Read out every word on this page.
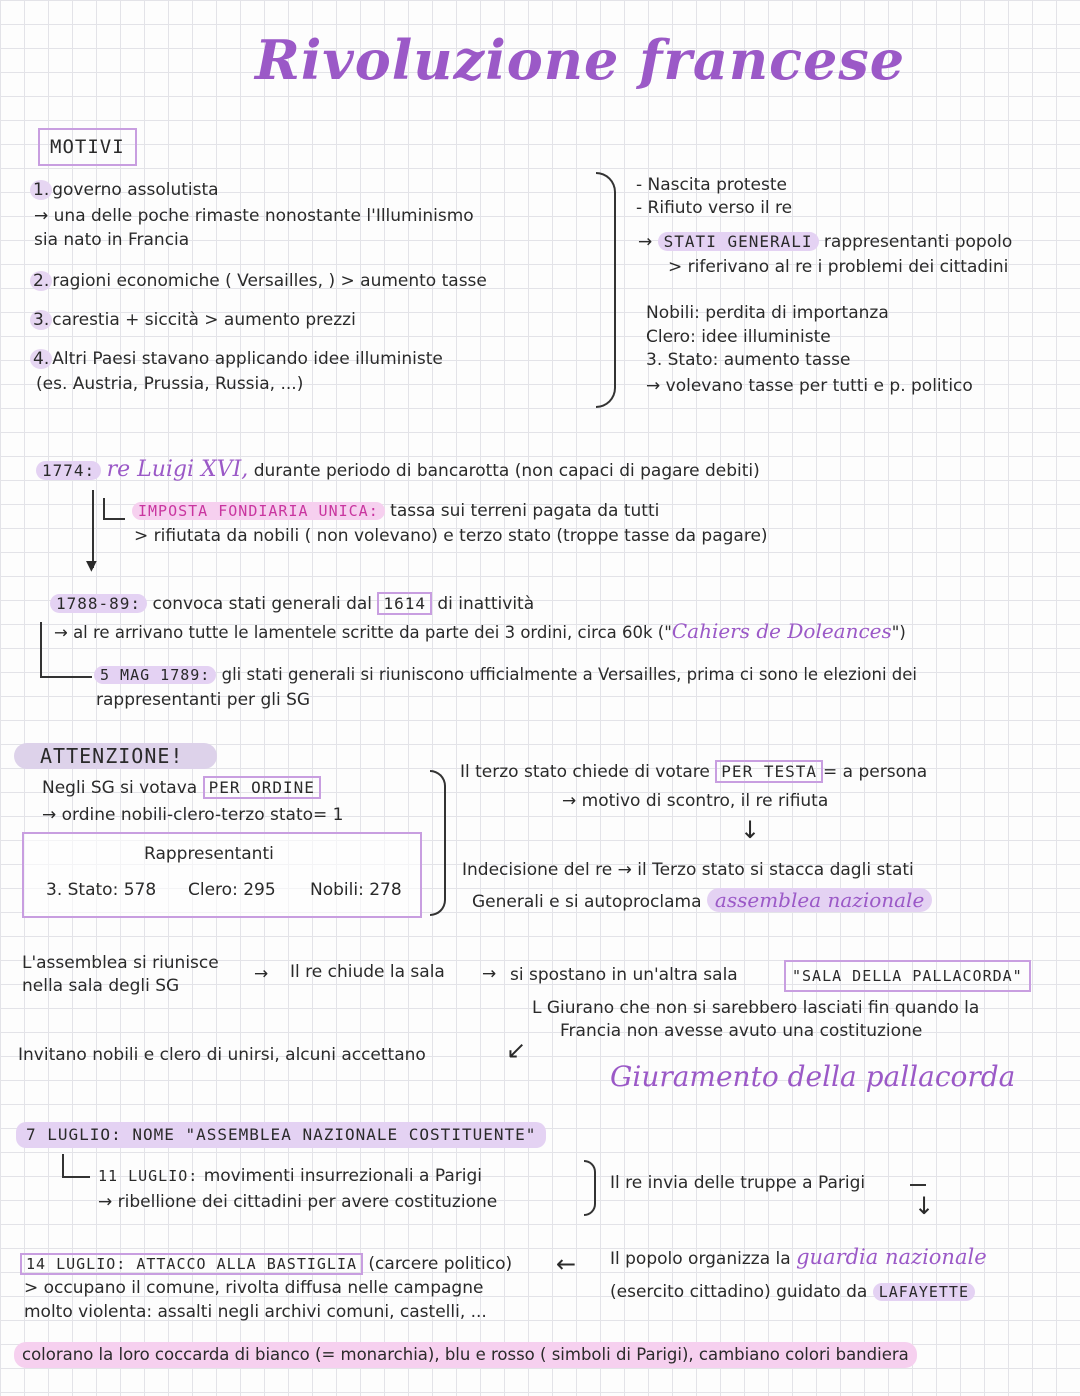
Rivoluzione francese
MOTIVI
1. governo assolutista
→ una delle poche rimaste nonostante l'Illuminismo
sia nato in Francia
2. ragioni economiche ( Versailles, ) > aumento tasse
3. carestia + siccità > aumento prezzi
4. Altri Paesi stavano applicando idee illuministe
(es. Austria, Prussia, Russia, ...)
- Nascita proteste
- Rifiuto verso il re
→ STATI GENERALI rappresentanti popolo
> riferivano al re i problemi dei cittadini
Nobili: perdita di importanza
Clero: idee illuministe
3. Stato: aumento tasse
→ volevano tasse per tutti e p. politico
1774: re Luigi XVI, durante periodo di bancarotta (non capaci di pagare debiti)
▼
IMPOSTA FONDIARIA UNICA: tassa sui terreni pagata da tutti
> rifiutata da nobili ( non volevano) e terzo stato (troppe tasse da pagare)
1788-89: convoca stati generali dal 1614 di inattività
→ al re arrivano tutte le lamentele scritte da parte dei 3 ordini, circa 60k ("Cahiers de Doleances")
5 MAG 1789: gli stati generali si riuniscono ufficialmente a Versailles, prima ci sono le elezioni dei
rappresentanti per gli SG
ATTENZIONE!
Negli SG si votava PER ORDINE
→ ordine nobili-clero-terzo stato= 1
Rappresentanti
3. Stato: 578 Clero: 295 Nobili: 278
Il terzo stato chiede di votare PER TESTA = a persona
→ motivo di scontro, il re rifiuta
↓
Indecisione del re → il Terzo stato si stacca dagli stati
Generali e si autoproclama assemblea nazionale
L'assemblea si riunisce
nella sala degli SG
→ Il re chiude la sala → si spostano in un'altra sala	"SALA DELLA PALLACORDA"
L Giurano che non si sarebbero lasciati fin quando la
Francia non avesse avuto una costituzione
Invitano nobili e clero di unirsi, alcuni accettano	↙
Giuramento della pallacorda
7 LUGLIO: NOME "ASSEMBLEA NAZIONALE COSTITUENTE"
11 LUGLIO: movimenti insurrezionali a Parigi
→ ribellione dei cittadini per avere costituzione
Il re invia delle truppe a Parigi
↓
14 LUGLIO: ATTACCO ALLA BASTIGLIA (carcere politico) ←
> occupano il comune, rivolta diffusa nelle campagne
molto violenta: assalti negli archivi comuni, castelli, ...
Il popolo organizza la guardia nazionale
(esercito cittadino) guidato da LAFAYETTE
colorano la loro coccarda di bianco (= monarchia), blu e rosso ( simboli di Parigi), cambiano colori bandiera
